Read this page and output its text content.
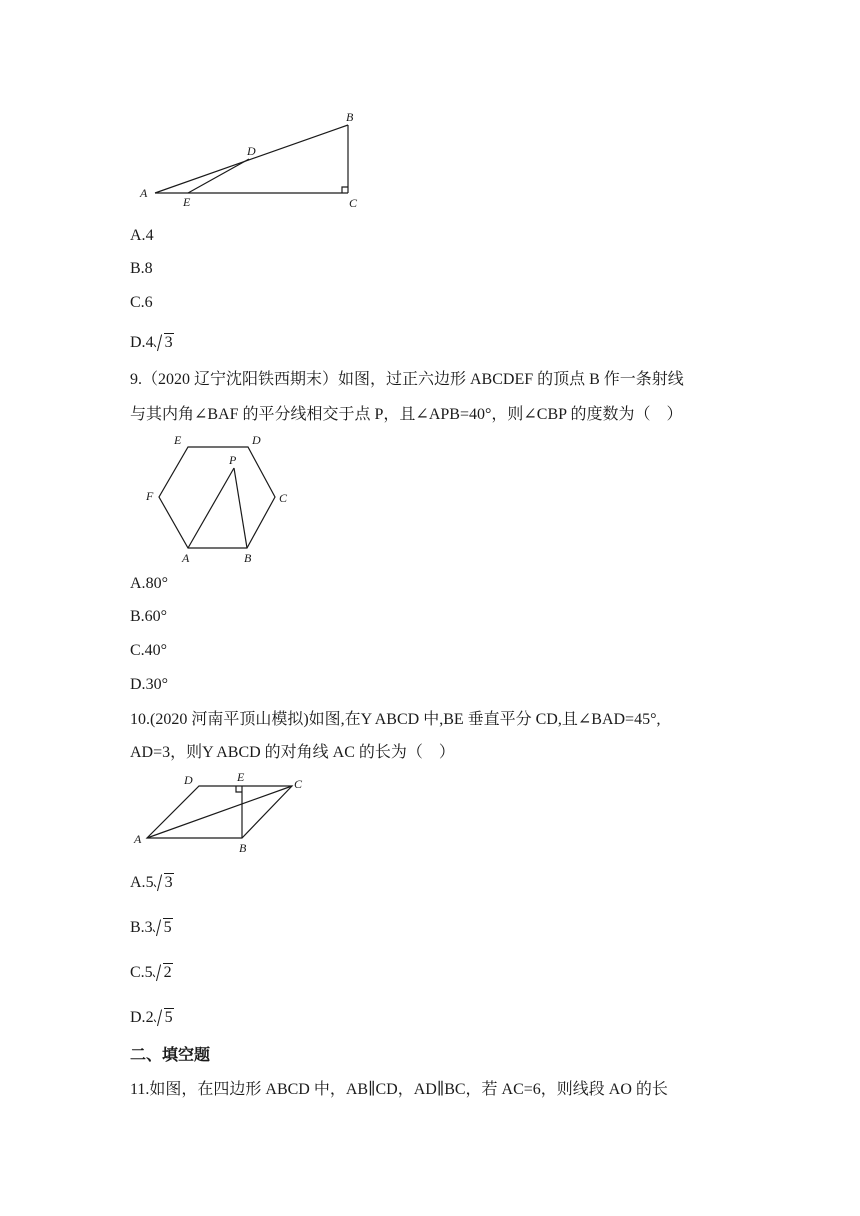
A
B
C
D
E
A.4
B.8
C.6
D.4 3
9.（2020 辽宁沈阳铁西期末）如图，过正六边形 ABCDEF 的顶点 B 作一条射线
与其内角∠BAF 的平分线相交于点 P，且∠APB=40°，则∠CBP 的度数为（　）
A	B
C
D
E
F
P
A.80°
B.60°
C.40°
D.30°
10.(2020 河南平顶山模拟)如图,在Y ABCD 中,BE 垂直平分 CD,且∠BAD=45°,
AD=3，则Y ABCD 的对角线 AC 的长为（　）
A
B
C
D	E
A.5 3
B.3 5
C.5 2
D.2 5
二、填空题
11.如图，在四边形 ABCD 中，AB∥CD，AD∥BC，若 AC=6，则线段 AO 的长
